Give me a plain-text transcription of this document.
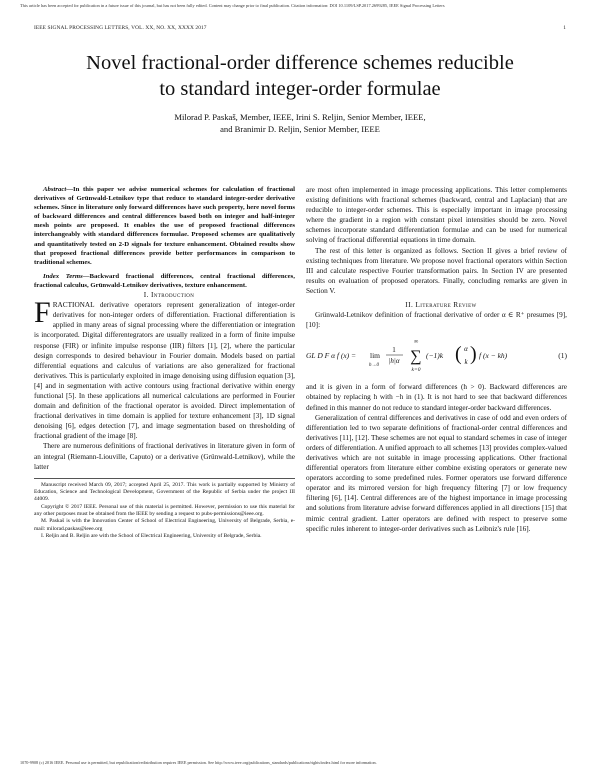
This article has been accepted for publication in a future issue of this journal, but has not been fully edited. Content may change prior to final publication. Citation information: DOI 10.1109/LSP.2017.2699285, IEEE Signal Processing Letters
IEEE SIGNAL PROCESSING LETTERS, VOL. XX, NO. XX, XXXX 2017	1
Novel fractional-order difference schemes reducible
to standard integer-order formulae
Milorad P. Paskaš, Member, IEEE, Irini S. Reljin, Senior Member, IEEE,
and Branimir D. Reljin, Senior Member, IEEE

Abstract—In this paper we advise numerical schemes for calculation of fractional derivatives of Grünwald-Letnikov type that reduce to standard integer-order derivative schemes. Since in literature only forward differences have such property, here novel forms of backward differences and central differences based both on integer and half-integer mesh points are proposed. It enables the use of proposed fractional differences interchangeably with standard differences formulae. Proposed schemes are qualitatively and quantitatively tested on 2-D signals for texture enhancement. Obtained results show that proposed fractional differences provide better performances in comparison to traditional schemes.

Index Terms—Backward fractional differences, central fractional differences, fractional calculus, Grünwald-Letnikov derivatives, texture enhancement.

I. Introduction

FRACTIONAL derivative operators represent generalization of integer-order derivatives for non-integer orders of differentiation. Fractional differentiation is applied in many areas of signal processing where the differentiation or integration is incorporated. Digital differentegrators are usually realized in a form of finite impulse response (FIR) or infinite impulse response (IIR) filters [1], [2], where the particular design corresponds to desired behaviour in Fourier domain. Models based on partial differential equations and calculus of variations are also generalized for fractional derivatives. This is particularly exploited in image denoising using diffusion equation [3], [4] and in segmentation with active contours using fractional derivative within energy functional [5]. In these applications all numerical calculations are performed in Fourier domain and definition of the fractional operator is avoided. Direct implementation of fractional derivatives in time domain is applied for texture enhancement [3], 1D signal denoising [6], edges detection [7], and image segmentation based on thresholding of fractional gradient of the image [8].

There are numerous definitions of fractional derivatives in literature given in form of an integral (Riemann-Liouville, Caputo) or a derivative (Grünwald-Letnikov), while the latter

Manuscript received March 09, 2017; accepted April 25, 2017. This work is partially supported by Ministry of Education, Science and Technological Development, Government of the Republic of Serbia under the project III 44009.

Copyright © 2017 IEEE. Personal use of this material is permitted. However, permission to use this material for any other purposes must be obtained from the IEEE by sending a request to pubs-permissions@ieee.org.

M. Paskaš is with the Innovation Center of School of Electrical Engineering, University of Belgrade, Serbia, e-mail: milorad.paskas@ieee.org

I. Reljin and B. Reljin are with the School of Electrical Engineering, University of Belgrade, Serbia.

are most often implemented in image processing applications. This letter complements existing definitions with fractional schemes (backward, central and Laplacian) that are reducible to integer-order schemes. This is especially important in image processing where the gradient in a region with constant pixel intensities should be zero. Novel schemes incorporate standard differentiation formulae and can be used for numerical solving of fractional differential equations in time domain.

The rest of this letter is organized as follows. Section II gives a brief review of existing techniques from literature. We propose novel fractional operators within Section III and calculate respective Fourier transformation pairs. In Section IV are presented results on evaluation of proposed operators. Finally, concluding remarks are given in Section V.

II. Literature Review

Grünwald-Letnikov definition of fractional derivative of order α ∈ R⁺ presumes [9], [10]:

GL D F α f (x) = lim
h→0
1
|h|α
∞
∑
k=0
(−1)k ( α
k ) f (x − kh)	(1)

and it is given in a form of forward differences (h > 0). Backward differences are obtained by replacing h with −h in (1). It is not hard to see that backward differences defined in this manner do not reduce to standard integer-order backward differences.

Generalization of central differences and derivatives in case of odd and even orders of differentiation led to two separate definitions of fractional-order central differences and derivatives [11], [12]. These schemes are not equal to standard schemes in case of integer orders of differentiation. A unified approach to all schemes [13] provides complex-valued derivatives which are not suitable in image processing applications. Other fractional differential operators from literature either combine existing operators or generate new operators according to some predefined rules. Former operators use forward difference operator and its mirrored version for high frequency filtering [7] or low frequency filtering [6], [14]. Central differences are of the highest importance in image processing and solutions from literature advise forward differences applied in all directions [15] that mimic central gradient. Latter operators are defined with respect to preserve some specific rules inherent to integer-order derivatives such as Leibniz's rule [16].

1070-9908 (c) 2016 IEEE. Personal use is permitted, but republication/redistribution requires IEEE permission. See http://www.ieee.org/publications_standards/publications/rights/index.html for more information.
